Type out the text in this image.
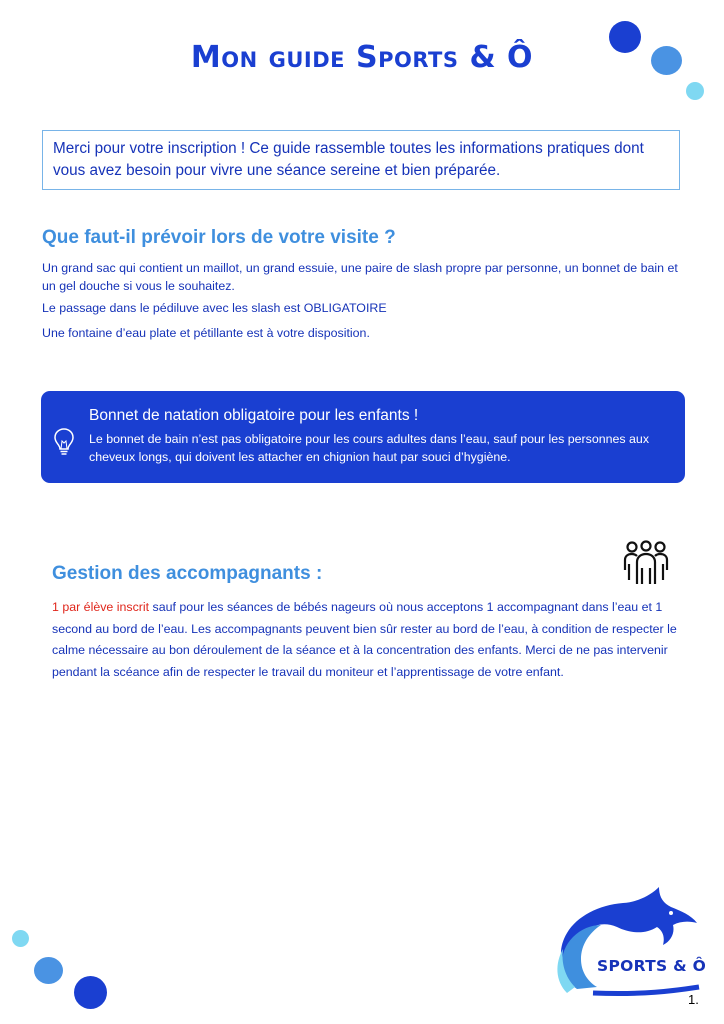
Mon guide Sports & Ô
Merci pour votre inscription ! Ce guide rassemble toutes les informations pratiques dont vous avez besoin pour vivre une séance sereine et bien préparée.
Que faut-il prévoir lors de votre visite ?
Un grand sac qui contient un maillot, un grand essuie, une paire de slash propre par personne, un bonnet de bain et un gel douche si vous le souhaitez.
Le passage dans le pédiluve avec les slash est OBLIGATOIRE
Une fontaine d’eau plate et pétillante est à votre disposition.
Bonnet de natation obligatoire pour les enfants !
Le bonnet de bain n’est pas obligatoire pour les cours adultes dans l’eau, sauf pour les personnes aux cheveux longs, qui doivent les attacher en chignion haut par souci d’hygiène.
Gestion des accompagnants :
1 par élève inscrit sauf pour les séances de bébés nageurs où nous acceptons 1 accompagnant dans l’eau et 1 second au bord de l’eau. Les accompagnants peuvent bien sûr rester au bord de l’eau, à condition de respecter le calme nécessaire au bon déroulement de la séance et à la concentration des enfants. Merci de ne pas intervenir pendant la scéance afin de respecter le travail du moniteur et l’apprentissage de votre enfant.
SPORTS & Ô
1.
